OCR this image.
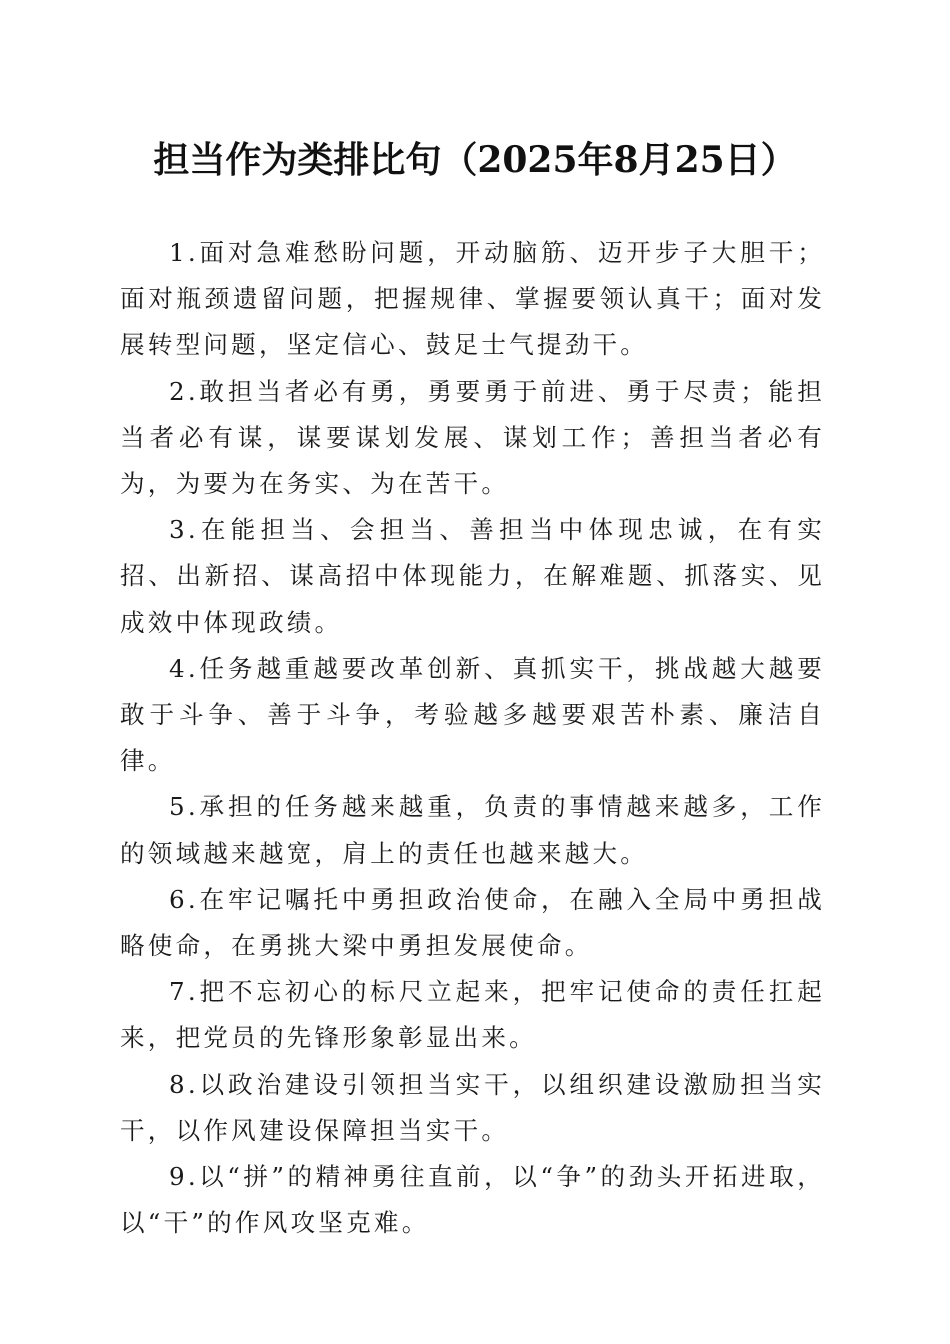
担当作为类排比句（2025年8月25日）

1.面对急难愁盼问题，开动脑筋、迈开步子大胆干；面对瓶颈遗留问题，把握规律、掌握要领认真干；面对发展转型问题，坚定信心、鼓足士气提劲干。

2.敢担当者必有勇，勇要勇于前进、勇于尽责；能担当者必有谋，谋要谋划发展、谋划工作；善担当者必有为，为要为在务实、为在苦干。

3.在能担当、会担当、善担当中体现忠诚，在有实招、出新招、谋高招中体现能力，在解难题、抓落实、见成效中体现政绩。

4.任务越重越要改革创新、真抓实干，挑战越大越要敢于斗争、善于斗争，考验越多越要艰苦朴素、廉洁自律。

5.承担的任务越来越重，负责的事情越来越多，工作的领域越来越宽，肩上的责任也越来越大。

6.在牢记嘱托中勇担政治使命，在融入全局中勇担战略使命，在勇挑大梁中勇担发展使命。

7.把不忘初心的标尺立起来，把牢记使命的责任扛起来，把党员的先锋形象彰显出来。

8.以政治建设引领担当实干，以组织建设激励担当实干，以作风建设保障担当实干。

9.以“拼”的精神勇往直前，以“争”的劲头开拓进取，以“干”的作风攻坚克难。
